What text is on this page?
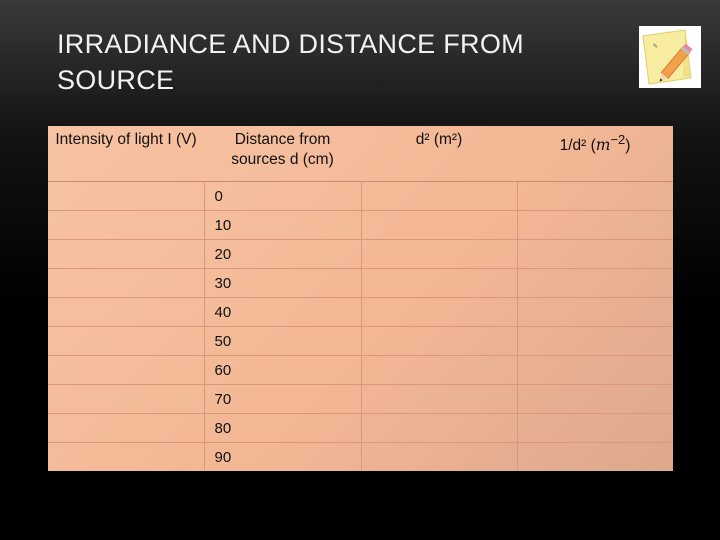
IRRADIANCE AND DISTANCE FROM SOURCE
✎
Intensity of light I (V)	Distance from sources d (cm)	d² (m²)	1/d² $(m^{-2})$
	0		
	10		
	20		
	30		
	40		
	50		
	60		
	70		
	80		
	90		
